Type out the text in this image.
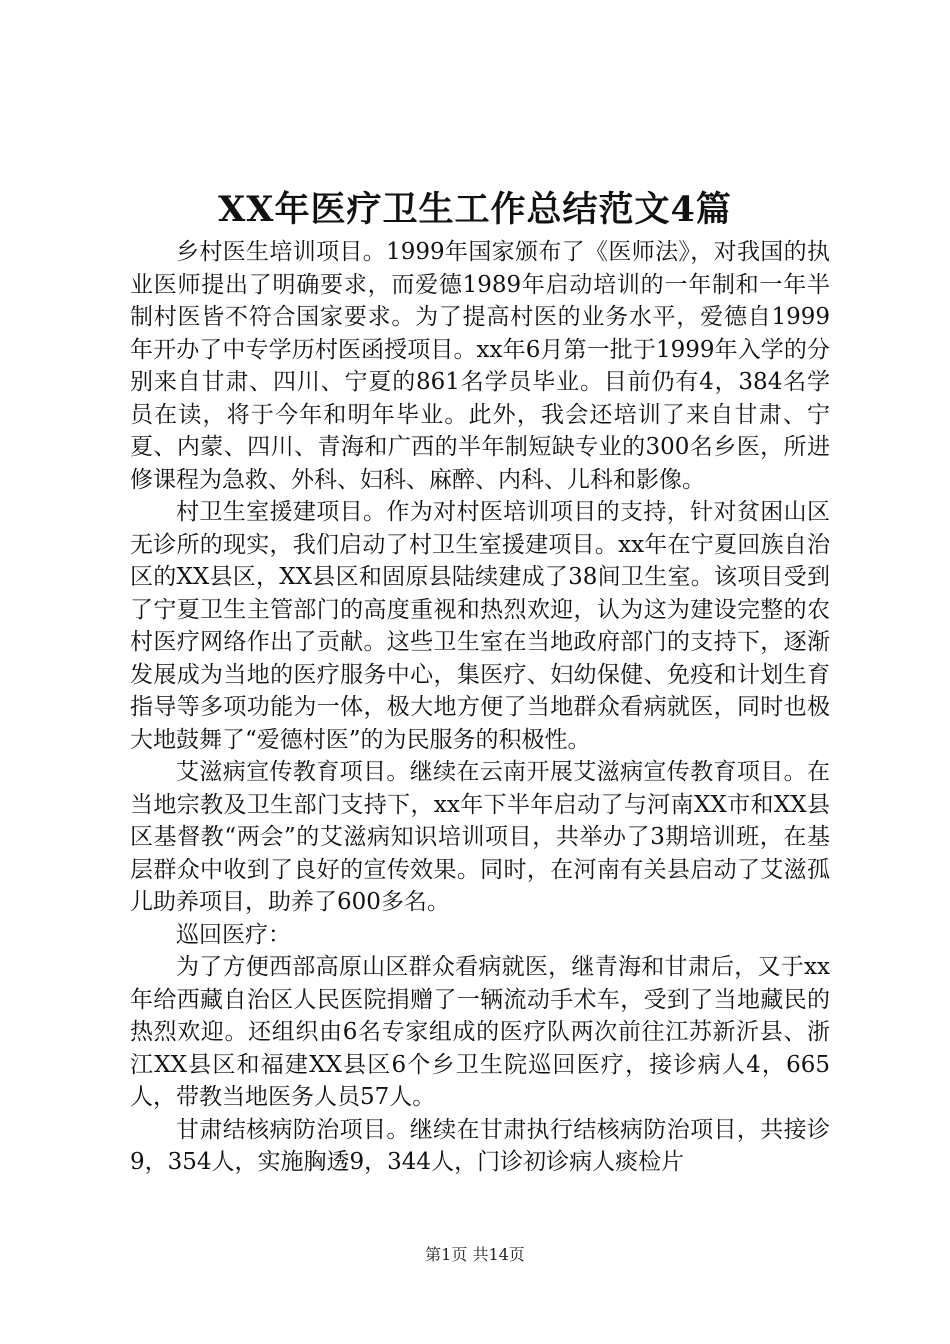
XX年医疗卫生工作总结范文4篇

乡村医生培训项目。1999年国家颁布了《医师法》，对我国的执业医师提出了明确要求，而爱德1989年启动培训的一年制和一年半制村医皆不符合国家要求。为了提高村医的业务水平，爱德自1999年开办了中专学历村医函授项目。xx年6月第一批于1999年入学的分别来自甘肃、四川、宁夏的861名学员毕业。目前仍有4，384名学员在读，将于今年和明年毕业。此外，我会还培训了来自甘肃、宁夏、内蒙、四川、青海和广西的半年制短缺专业的300名乡医，所进修课程为急救、外科、妇科、麻醉、内科、儿科和影像。

村卫生室援建项目。作为对村医培训项目的支持，针对贫困山区无诊所的现实，我们启动了村卫生室援建项目。xx年在宁夏回族自治区的XX县区，XX县区和固原县陆续建成了38间卫生室。该项目受到了宁夏卫生主管部门的高度重视和热烈欢迎，认为这为建设完整的农村医疗网络作出了贡献。这些卫生室在当地政府部门的支持下，逐渐发展成为当地的医疗服务中心，集医疗、妇幼保健、免疫和计划生育指导等多项功能为一体，极大地方便了当地群众看病就医，同时也极大地鼓舞了“爱德村医”的为民服务的积极性。

艾滋病宣传教育项目。继续在云南开展艾滋病宣传教育项目。在当地宗教及卫生部门支持下，xx年下半年启动了与河南XX市和XX县区基督教“两会”的艾滋病知识培训项目，共举办了3期培训班，在基层群众中收到了良好的宣传效果。同时，在河南有关县启动了艾滋孤儿助养项目，助养了600多名。

巡回医疗：

为了方便西部高原山区群众看病就医，继青海和甘肃后，又于xx年给西藏自治区人民医院捐赠了一辆流动手术车，受到了当地藏民的热烈欢迎。还组织由6名专家组成的医疗队两次前往江苏新沂县、浙江XX县区和福建XX县区6个乡卫生院巡回医疗，接诊病人4，665人，带教当地医务人员57人。

甘肃结核病防治项目。继续在甘肃执行结核病防治项目，共接诊9，354人，实施胸透9，344人，门诊初诊病人痰检片

第1页 共14页
